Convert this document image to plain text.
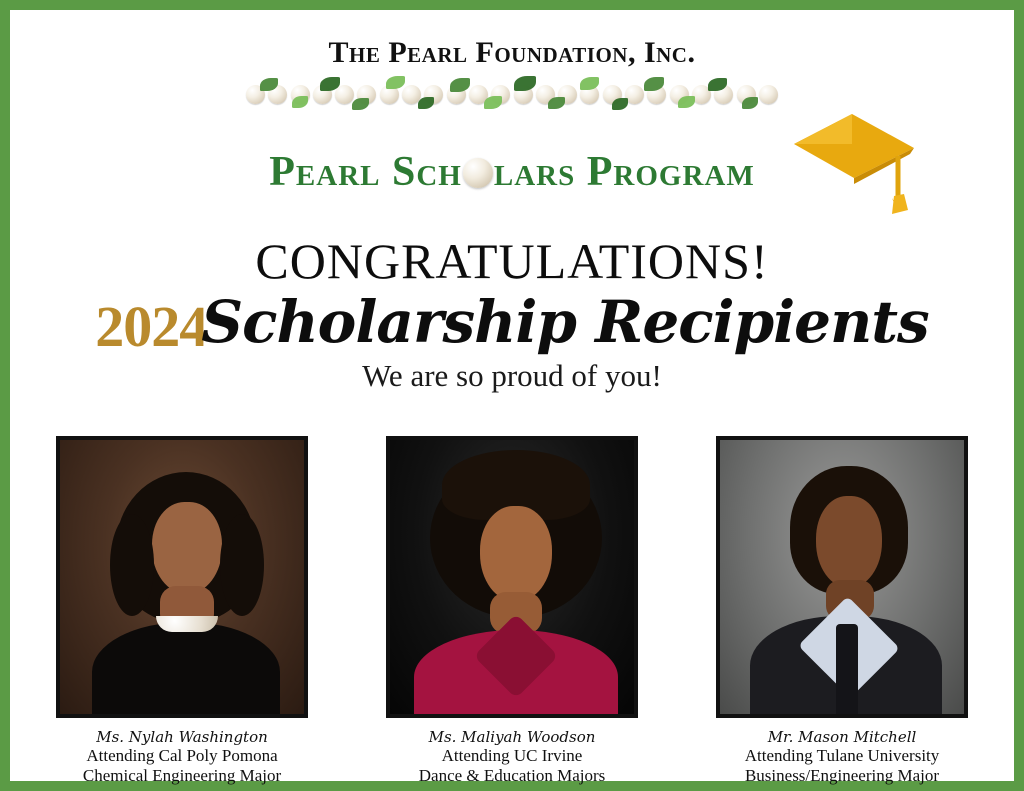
The Pearl Foundation, Inc.
Pearl Sch lars Program
CONGRATULATIONS!
2024Scholarship Recipients
We are so proud of you!
Ms. Nylah Washington
Attending Cal Poly Pomona
Chemical Engineering Major
Ms. Maliyah Woodson
Attending UC Irvine
Dance & Education Majors
Mr. Mason Mitchell
Attending Tulane University
Business/Engineering Major
